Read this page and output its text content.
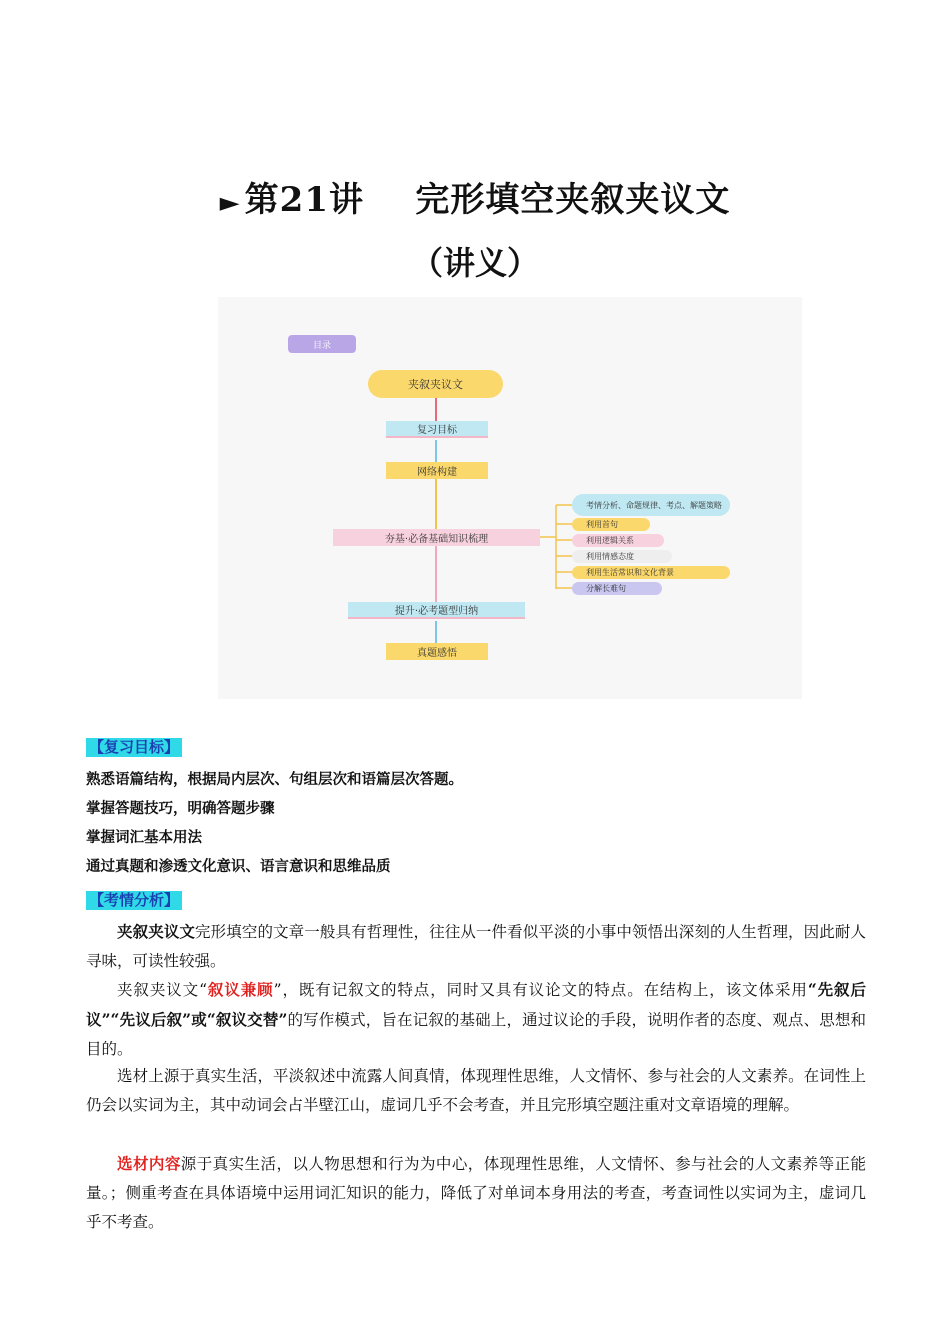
► 第21讲 完形填空夹叙夹议文
（讲义）
目录
夹叙夹议文
复习目标
网络构建
夯基·必备基础知识梳理
提升·必考题型归纳
真题感悟
考情分析、命题规律、考点、解题策略
利用首句
利用逻辑关系
利用情感态度
利用生活常识和文化背景
分解长难句
【复习目标】
熟悉语篇结构，根据局内层次、句组层次和语篇层次答题。
掌握答题技巧，明确答题步骤
掌握词汇基本用法
通过真题和渗透文化意识、语言意识和思维品质
【考情分析】
夹叙夹议文完形填空的文章一般具有哲理性，往往从一件看似平淡的小事中领悟出深刻的人生哲理，因此耐人寻味，可读性较强。
夹叙夹议文“叙议兼顾”，既有记叙文的特点，同时又具有议论文的特点。在结构上，该文体采用“先叙后议”“先议后叙”或“叙议交替”的写作模式，旨在记叙的基础上，通过议论的手段，说明作者的态度、观点、思想和目的。
选材上源于真实生活，平淡叙述中流露人间真情，体现理性思维，人文情怀、参与社会的人文素养。在词性上仍会以实词为主，其中动词会占半壁江山，虚词几乎不会考查，并且完形填空题注重对文章语境的理解。
选材内容源于真实生活，以人物思想和行为为中心，体现理性思维，人文情怀、参与社会的人文素养等正能量。；侧重考查在具体语境中运用词汇知识的能力，降低了对单词本身用法的考查，考查词性以实词为主，虚词几乎不考查。
